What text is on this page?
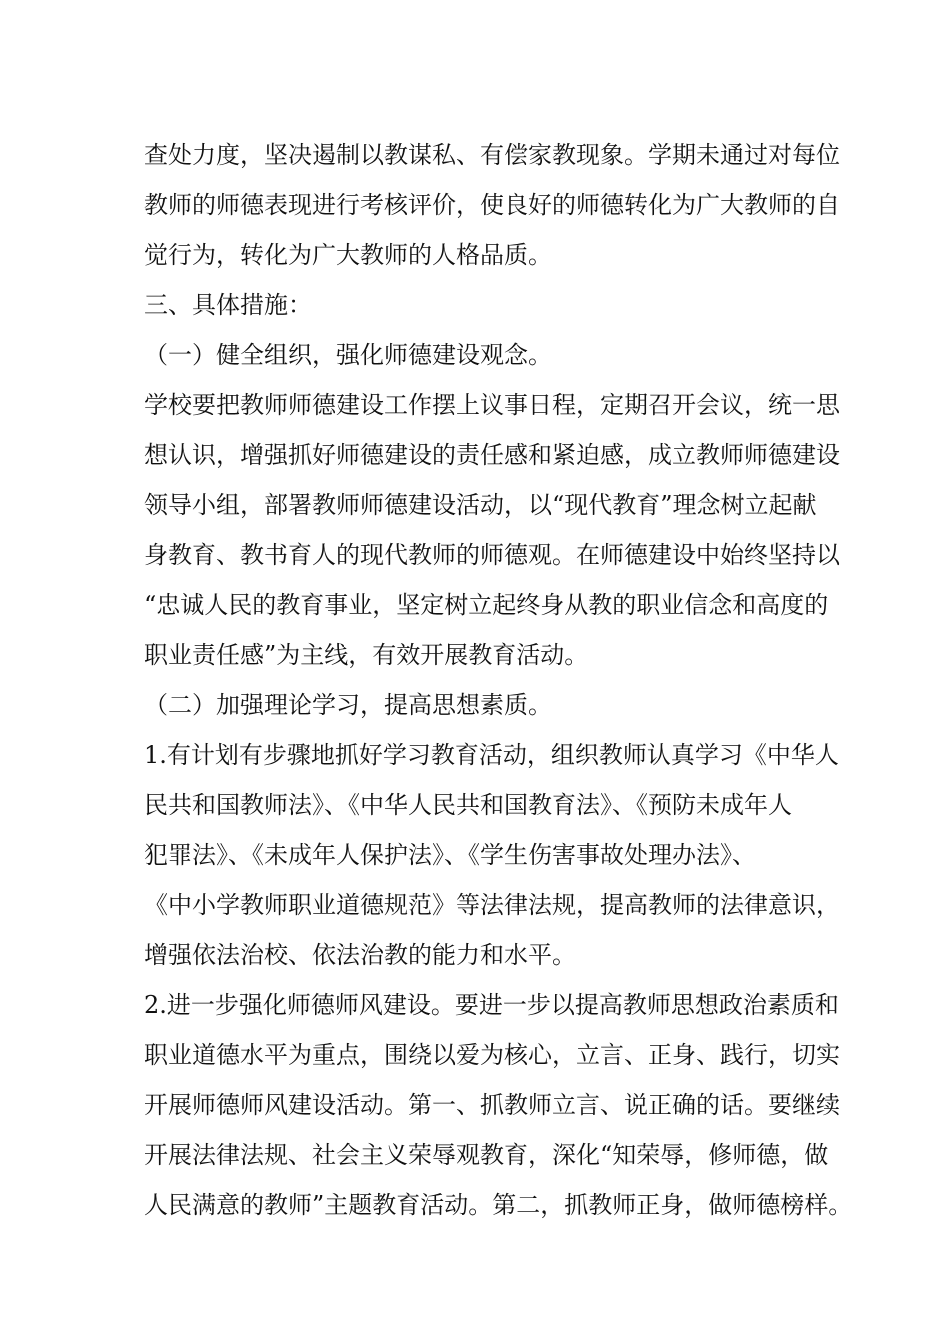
查处力度，坚决遏制以教谋私、有偿家教现象。学期未通过对每位
教师的师德表现进行考核评价，使良好的师德转化为广大教师的自
觉行为，转化为广大教师的人格品质。
三、具体措施：
（一）健全组织，强化师德建设观念。
学校要把教师师德建设工作摆上议事日程，定期召开会议，统一思
想认识，增强抓好师德建设的责任感和紧迫感，成立教师师德建设
领导小组，部署教师师德建设活动，以“现代教育”理念树立起献
身教育、教书育人的现代教师的师德观。在师德建设中始终坚持以
“忠诚人民的教育事业，坚定树立起终身从教的职业信念和高度的
职业责任感”为主线，有效开展教育活动。
（二）加强理论学习，提高思想素质。
1.有计划有步骤地抓好学习教育活动，组织教师认真学习《中华人
民共和国教师法》、《中华人民共和国教育法》、《预防未成年人
犯罪法》、《未成年人保护法》、《学生伤害事故处理办法》、
《中小学教师职业道德规范》等法律法规，提高教师的法律意识，
增强依法治校、依法治教的能力和水平。
2.进一步强化师德师风建设。要进一步以提高教师思想政治素质和
职业道德水平为重点，围绕以爱为核心，立言、正身、践行，切实
开展师德师风建设活动。第一、抓教师立言、说正确的话。要继续
开展法律法规、社会主义荣辱观教育，深化“知荣辱，修师德，做
人民满意的教师”主题教育活动。第二，抓教师正身，做师德榜样。
